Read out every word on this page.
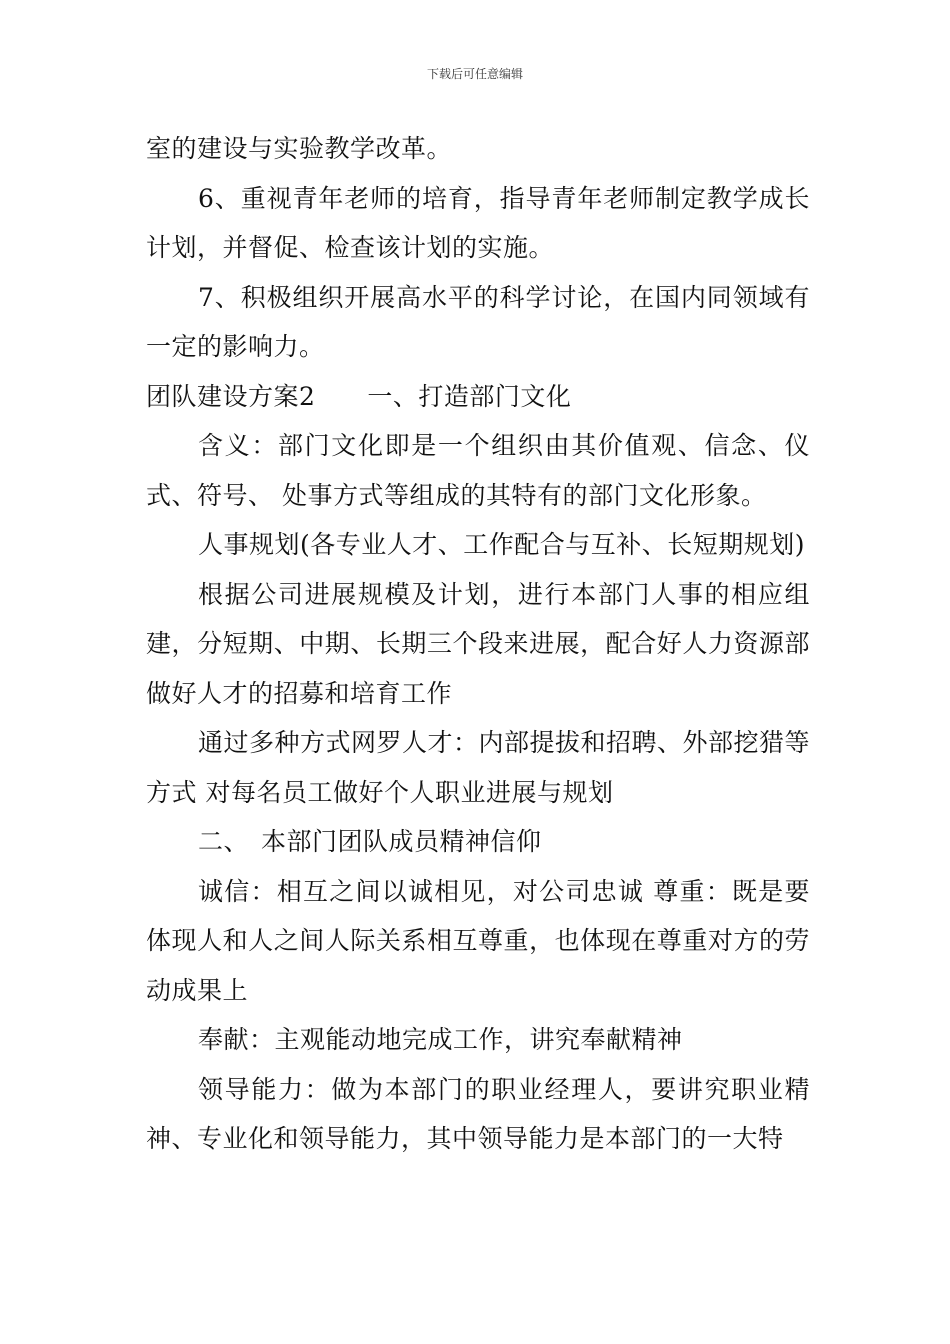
下载后可任意编辑

室的建设与实验教学改革。

6、重视青年老师的培育，指导青年老师制定教学成长计划，并督促、检查该计划的实施。

7、积极组织开展高水平的科学讨论，在国内同领域有一定的影响力。

团队建设方案2 一、打造部门文化

含义：部门文化即是一个组织由其价值观、信念、仪式、符号、 处事方式等组成的其特有的部门文化形象。

人事规划(各专业人才、工作配合与互补、长短期规划)

根据公司进展规模及计划，进行本部门人事的相应组建，分短期、中期、长期三个段来进展，配合好人力资源部做好人才的招募和培育工作

通过多种方式网罗人才：内部提拔和招聘、外部挖猎等方式 对每名员工做好个人职业进展与规划

二、 本部门团队成员精神信仰

诚信：相互之间以诚相见，对公司忠诚 尊重：既是要体现人和人之间人际关系相互尊重，也体现在尊重对方的劳动成果上

奉献：主观能动地完成工作，讲究奉献精神

领导能力：做为本部门的职业经理人，要讲究职业精神、专业化和领导能力，其中领导能力是本部门的一大特
